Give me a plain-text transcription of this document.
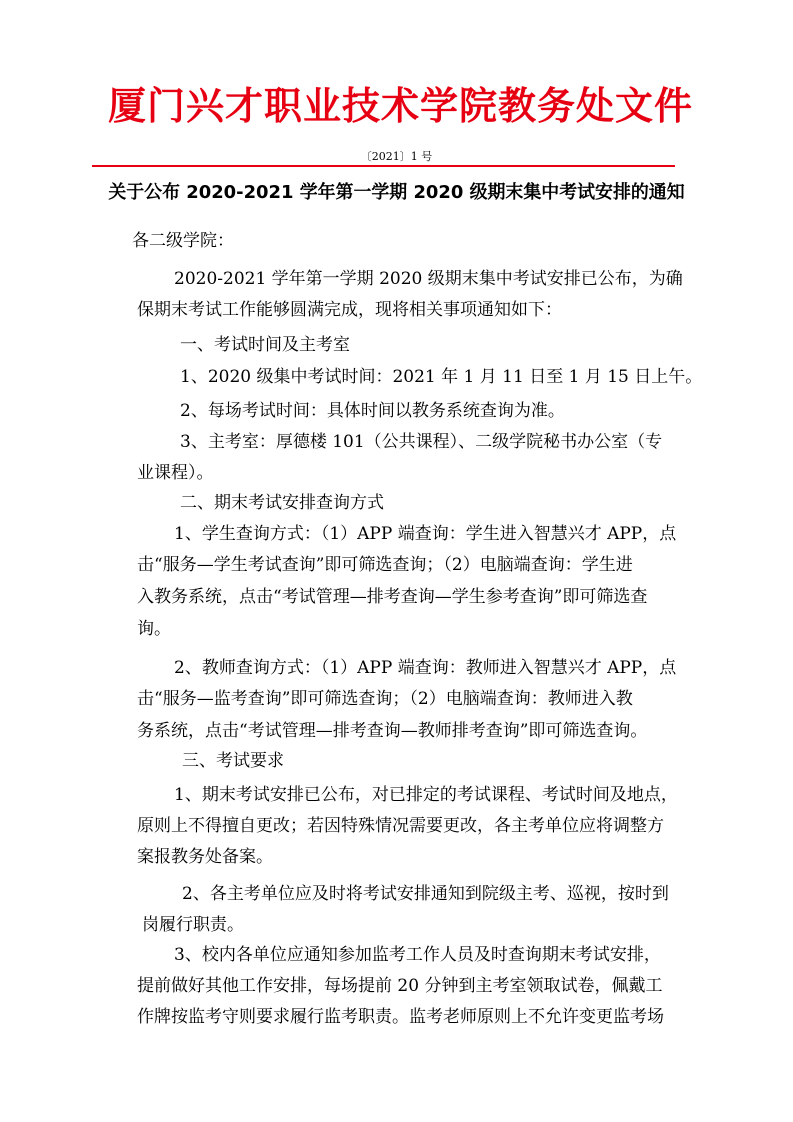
厦门兴才职业技术学院教务处文件
〔2021〕1 号
关于公布 2020-2021 学年第一学期 2020 级期末集中考试安排的通知
各二级学院：
2020-2021 学年第一学期 2020 级期末集中考试安排已公布，为确
保期末考试工作能够圆满完成，现将相关事项通知如下：
一、考试时间及主考室
1、2020 级集中考试时间：2021 年 1 月 11 日至 1 月 15 日上午。
2、每场考试时间：具体时间以教务系统查询为准。
3、主考室：厚德楼 101（公共课程）、二级学院秘书办公室（专
业课程）。
二、期末考试安排查询方式
1、学生查询方式：（1）APP 端查询：学生进入智慧兴才 APP，点
击“服务—学生考试查询”即可筛选查询；（2）电脑端查询：学生进
入教务系统，点击“考试管理—排考查询—学生参考查询”即可筛选查
询。
2、教师查询方式：（1）APP 端查询：教师进入智慧兴才 APP，点
击“服务—监考查询”即可筛选查询；（2）电脑端查询：教师进入教
务系统，点击“考试管理—排考查询—教师排考查询”即可筛选查询。
三、考试要求
1、期末考试安排已公布，对已排定的考试课程、考试时间及地点，
原则上不得擅自更改；若因特殊情况需要更改，各主考单位应将调整方
案报教务处备案。
2、各主考单位应及时将考试安排通知到院级主考、巡视，按时到
岗履行职责。
3、校内各单位应通知参加监考工作人员及时查询期末考试安排，
提前做好其他工作安排，每场提前 20 分钟到主考室领取试卷，佩戴工
作牌按监考守则要求履行监考职责。监考老师原则上不允许变更监考场
